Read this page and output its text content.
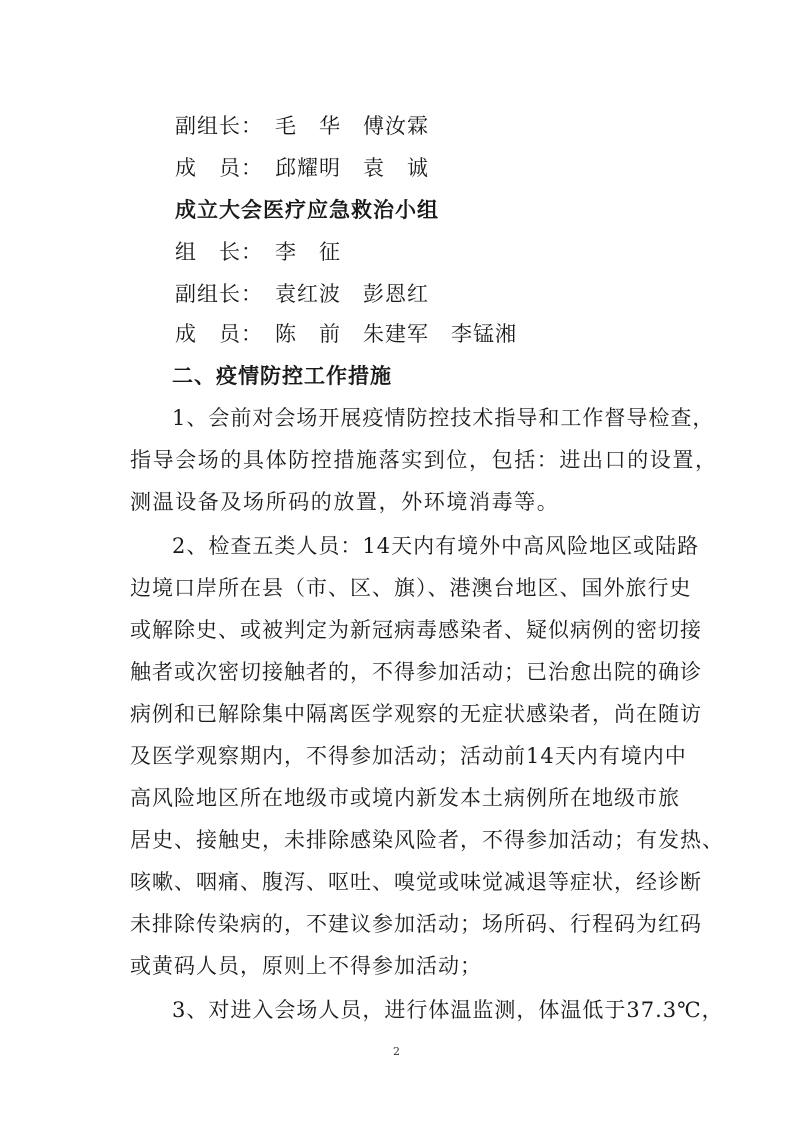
副组长： 毛　华 傅汝霖
成　员： 邱耀明 袁　诚
成立大会医疗应急救治小组
组　长： 李　征
副组长： 袁红波 彭恩红
成　员： 陈　前 朱建军 李锰湘
二、疫情防控工作措施
1、会前对会场开展疫情防控技术指导和工作督导检查，
指导会场的具体防控措施落实到位，包括：进出口的设置，
测温设备及场所码的放置，外环境消毒等。
2、检查五类人员：14天内有境外中高风险地区或陆路
边境口岸所在县（市、区、旗）、港澳台地区、国外旅行史
或解除史、或被判定为新冠病毒感染者、疑似病例的密切接
触者或次密切接触者的，不得参加活动；已治愈出院的确诊
病例和已解除集中隔离医学观察的无症状感染者，尚在随访
及医学观察期内，不得参加活动；活动前14天内有境内中
高风险地区所在地级市或境内新发本土病例所在地级市旅
居史、接触史，未排除感染风险者，不得参加活动；有发热、
咳嗽、咽痛、腹泻、呕吐、嗅觉或味觉减退等症状，经诊断
未排除传染病的，不建议参加活动；场所码、行程码为红码
或黄码人员，原则上不得参加活动；
3、对进入会场人员，进行体温监测，体温低于37.3℃，
2
